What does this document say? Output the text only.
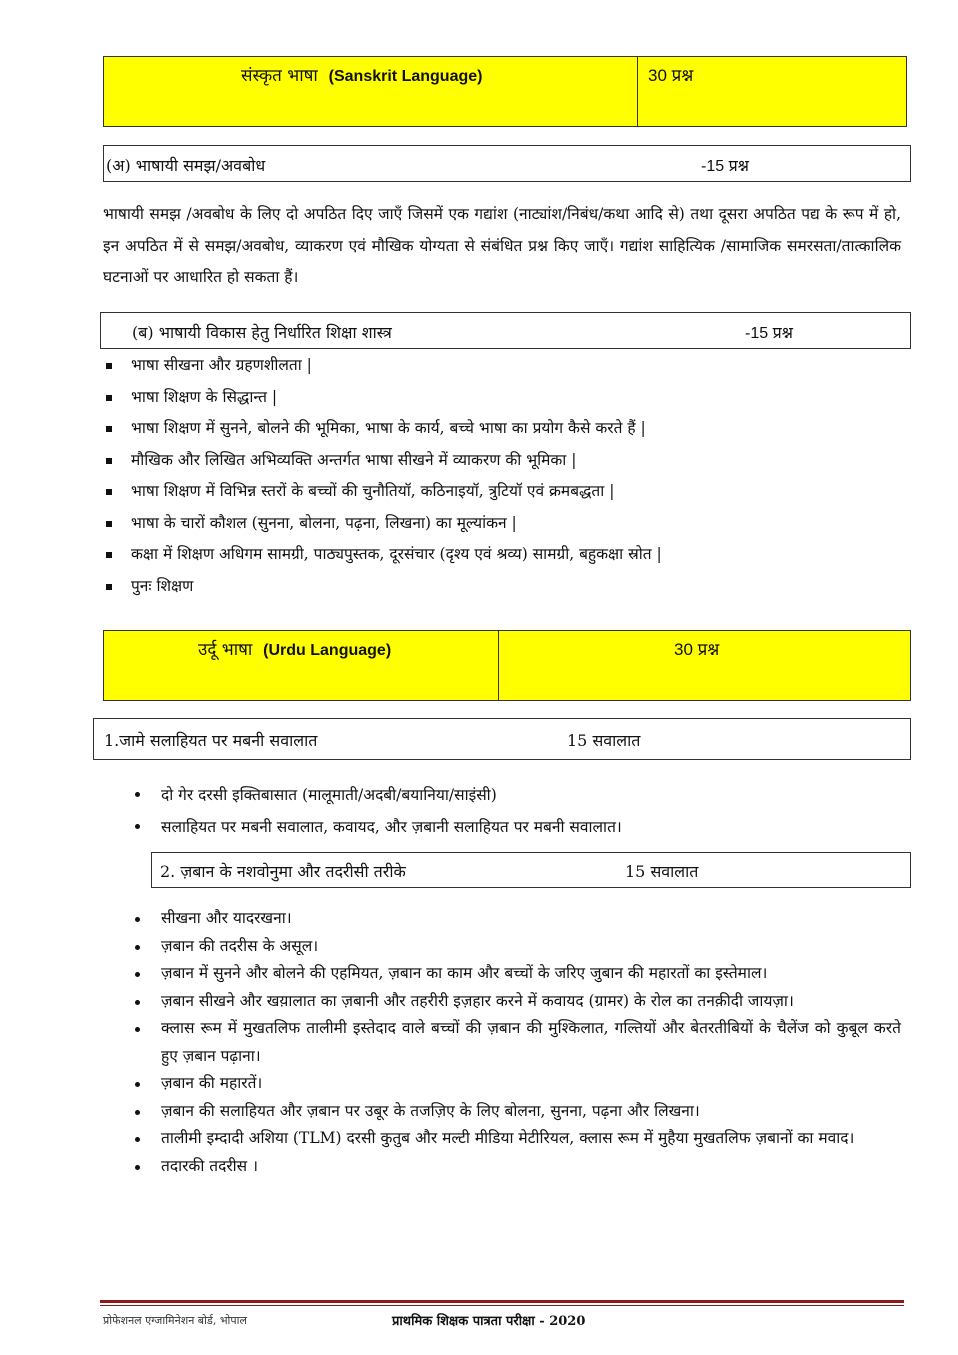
संस्कृत भाषा (Sanskrit Language)	30 प्रश्न
(अ) भाषायी समझ/अवबोध	-15 प्रश्न
भाषायी समझ /अवबोध के लिए दो अपठित दिए जाएँ जिसमें एक गद्यांश (नाट्यांश/निबंध/कथा आदि से) तथा दूसरा अपठित पद्य के रूप में हो, इन अपठित में से समझ/अवबोध, व्याकरण एवं मौखिक योग्यता से संबंधित प्रश्न किए जाएँ। गद्यांश साहित्यिक /सामाजिक समरसता/तात्कालिक घटनाओं पर आधारित हो सकता हैं।
(ब) भाषायी विकास हेतु निर्धारित शिक्षा शास्त्र	-15 प्रश्न
भाषा सीखना और ग्रहणशीलता |
भाषा शिक्षण के सिद्धान्त |
भाषा शिक्षण में सुनने, बोलने की भूमिका, भाषा के कार्य, बच्चे भाषा का प्रयोग कैसे करते हैं |
मौखिक और लिखित अभिव्यक्ति अन्तर्गत भाषा सीखने में व्याकरण की भूमिका |
भाषा शिक्षण में विभिन्न स्तरों के बच्चों की चुनौतियॉ, कठिनाइयॉ, त्रुटियॉ एवं क्रमबद्धता |
भाषा के चारों कौशल (सुनना, बोलना, पढ़ना, लिखना) का मूल्यांकन |
कक्षा में शिक्षण अधिगम सामग्री, पाठ्यपुस्तक, दूरसंचार (दृश्य एवं श्रव्य) सामग्री, बहुकक्षा स्रोत |
पुनः शिक्षण
उर्दू भाषा (Urdu Language)	30 प्रश्न
1.जामे सलाहियत पर मबनी सवालात	15 सवालात
दो गेर दरसी इक्तिबासात (मालूमाती/अदबी/बयानिया/साइंसी)
सलाहियत पर मबनी सवालात, कवायद, और ज़बानी सलाहियत पर मबनी सवालात।
2. ज़बान के नशवोनुमा और तदरीसी तरीके	15 सवालात
सीखना और यादरखना।
ज़बान की तदरीस के असूल।
ज़बान में सुनने और बोलने की एहमियत, ज़बान का काम और बच्चों के जरिए जुबान की महारतों का इस्तेमाल।
ज़बान सीखने और खय़ालात का ज़बानी और तहरीरी इज़हार करने में कवायद (ग्रामर) के रोल का तनक़ीदी जायज़ा।
क्लास रूम में मुखतलिफ तालीमी इस्तेदाद वाले बच्चों की ज़बान की मुश्किलात, गल्तियों और बेतरतीबियों के चैलेंज को कुबूल करते हुए ज़बान पढ़ाना।
ज़बान की महारतें।
ज़बान की सलाहियत और ज़बान पर उबूर के तजज़िए के लिए बोलना, सुनना, पढ़ना और लिखना।
तालीमी इम्दादी अशिया (TLM) दरसी कुतुब और मल्टी मीडिया मेटीरियल, क्लास रूम में मुहैया मुखतलिफ ज़बानों का मवाद।
तदारकी तदरीस ।
प्रोफेशनल एग्जामिनेशन बोर्ड, भोपाल	प्राथमिक शिक्षक पात्रता परीक्षा - 2020
